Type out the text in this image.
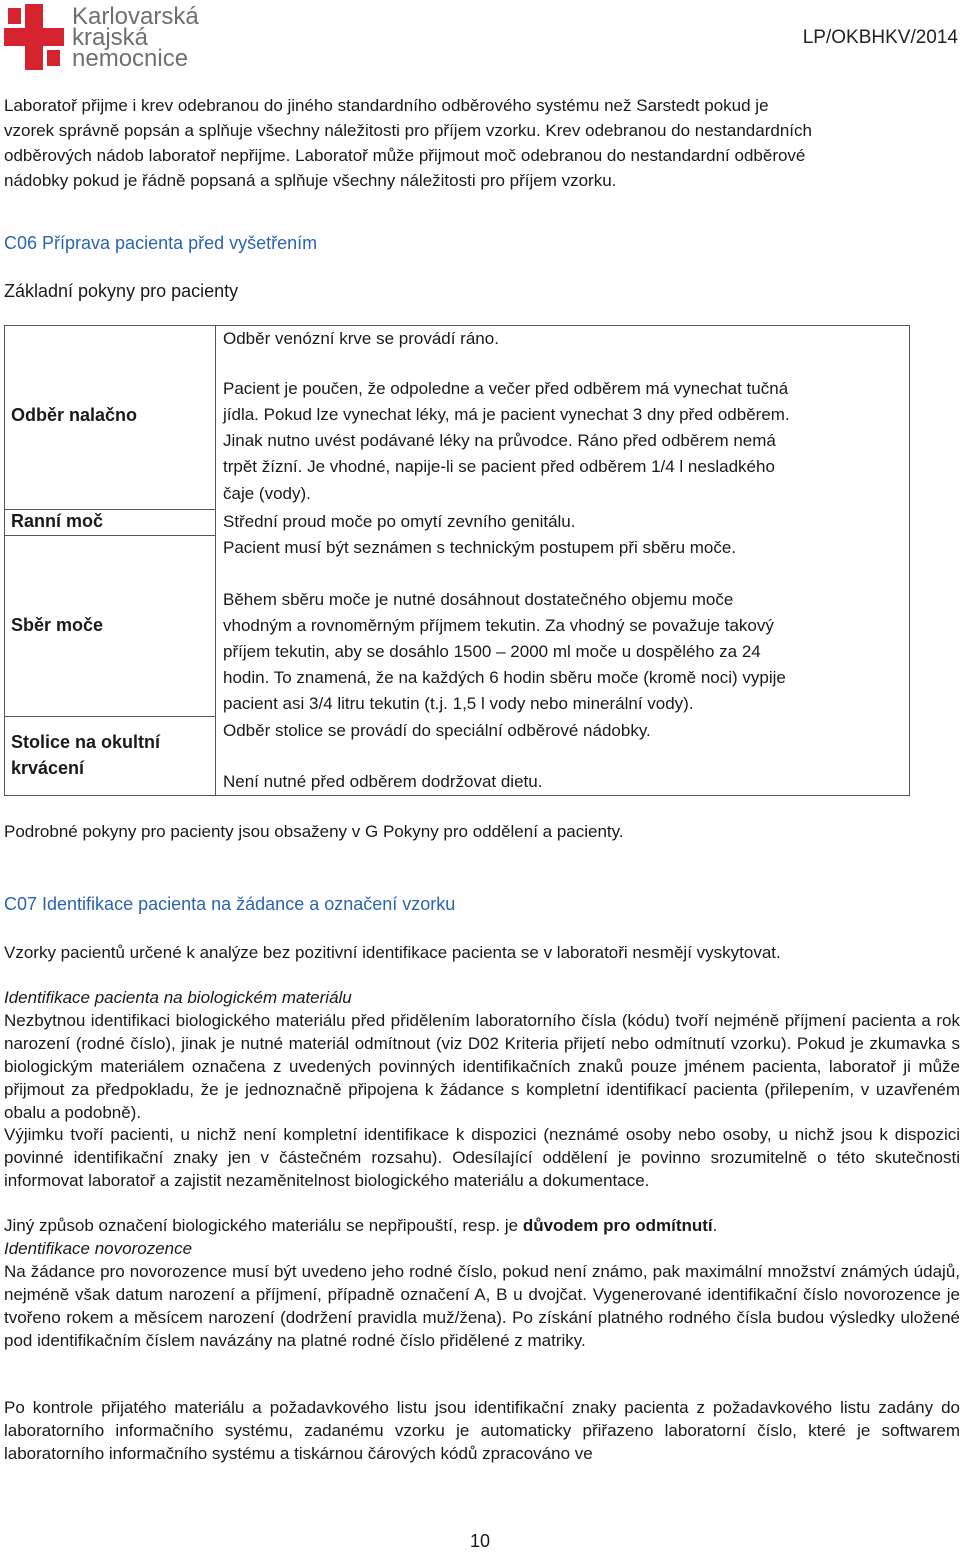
Karlovarská
krajská
nemocnice
LP/OKBHKV/2014
Laboratoř přijme i krev odebranou do jiného standardního odběrového systému než Sarstedt pokud je
vzorek správně popsán a splňuje všechny náležitosti pro příjem vzorku. Krev odebranou do nestandardních
odběrových nádob laboratoř nepřijme. Laboratoř může přijmout moč odebranou do nestandardní odběrové
nádobky pokud je řádně popsaná a splňuje všechny náležitosti pro příjem vzorku.
C06 Příprava pacienta před vyšetřením
Základní pokyny pro pacienty
Odběr nalačno
Ranní moč
Sběr moče
Stolice na okultní
krvácení
Odběr venózní krve se provádí ráno.
Pacient je poučen, že odpoledne a večer před odběrem má vynechat tučná
jídla. Pokud lze vynechat léky, má je pacient vynechat 3 dny před odběrem.
Jinak nutno uvést podávané léky na průvodce. Ráno před odběrem nemá
trpět žízní. Je vhodné, napije-li se pacient před odběrem 1/4 l nesladkého
čaje (vody).
Střední proud moče po omytí zevního genitálu.
Pacient musí být seznámen s technickým postupem při sběru moče.
Během sběru moče je nutné dosáhnout dostatečného objemu moče
vhodným a rovnoměrným příjmem tekutin. Za vhodný se považuje takový
příjem tekutin, aby se dosáhlo 1500 – 2000 ml moče u dospělého za 24
hodin. To znamená, že na každých 6 hodin sběru moče (kromě noci) vypije
pacient asi 3/4 litru tekutin (t.j. 1,5 l vody nebo minerální vody).
Odběr stolice se provádí do speciální odběrové nádobky.
Není nutné před odběrem dodržovat dietu.
Podrobné pokyny pro pacienty jsou obsaženy v G Pokyny pro oddělení a pacienty.
C07 Identifikace pacienta na žádance a označení vzorku
Vzorky pacientů určené k analýze bez pozitivní identifikace pacienta se v laboratoři nesmějí vyskytovat.
Identifikace pacienta na biologickém materiálu
Nezbytnou identifikaci biologického materiálu před přidělením laboratorního čísla (kódu) tvoří nejméně příjmení pacienta a rok narození (rodné číslo), jinak je nutné materiál odmítnout (viz D02 Kriteria přijetí nebo odmítnutí vzorku). Pokud je zkumavka s biologickým materiálem označena z uvedených povinných identifikačních znaků pouze jménem pacienta, laboratoř ji může přijmout za předpokladu, že je jednoznačně připojena k žádance s kompletní identifikací pacienta (přilepením, v uzavřeném obalu a podobně).
Výjimku tvoří pacienti, u nichž není kompletní identifikace k dispozici (neznámé osoby nebo osoby, u nichž jsou k dispozici povinné identifikační znaky jen v částečném rozsahu). Odesílající oddělení je povinno srozumitelně o této skutečnosti informovat laboratoř a zajistit nezaměnitelnost biologického materiálu a dokumentace.
Jiný způsob označení biologického materiálu se nepřipouští, resp. je důvodem pro odmítnutí.
Identifikace novorozence
Na žádance pro novorozence musí být uvedeno jeho rodné číslo, pokud není známo, pak maximální množství známých údajů, nejméně však datum narození a příjmení, případně označení A, B u dvojčat. Vygenerované identifikační číslo novorozence je tvořeno rokem a měsícem narození (dodržení pravidla muž/žena). Po získání platného rodného čísla budou výsledky uložené pod identifikačním číslem navázány na platné rodné číslo přidělené z matriky.
Po kontrole přijatého materiálu a požadavkového listu jsou identifikační znaky pacienta z požadavkového listu zadány do laboratorního informačního systému, zadanému vzorku je automaticky přiřazeno laboratorní číslo, které je softwarem laboratorního informačního systému a tiskárnou čárových kódů zpracováno ve
10
